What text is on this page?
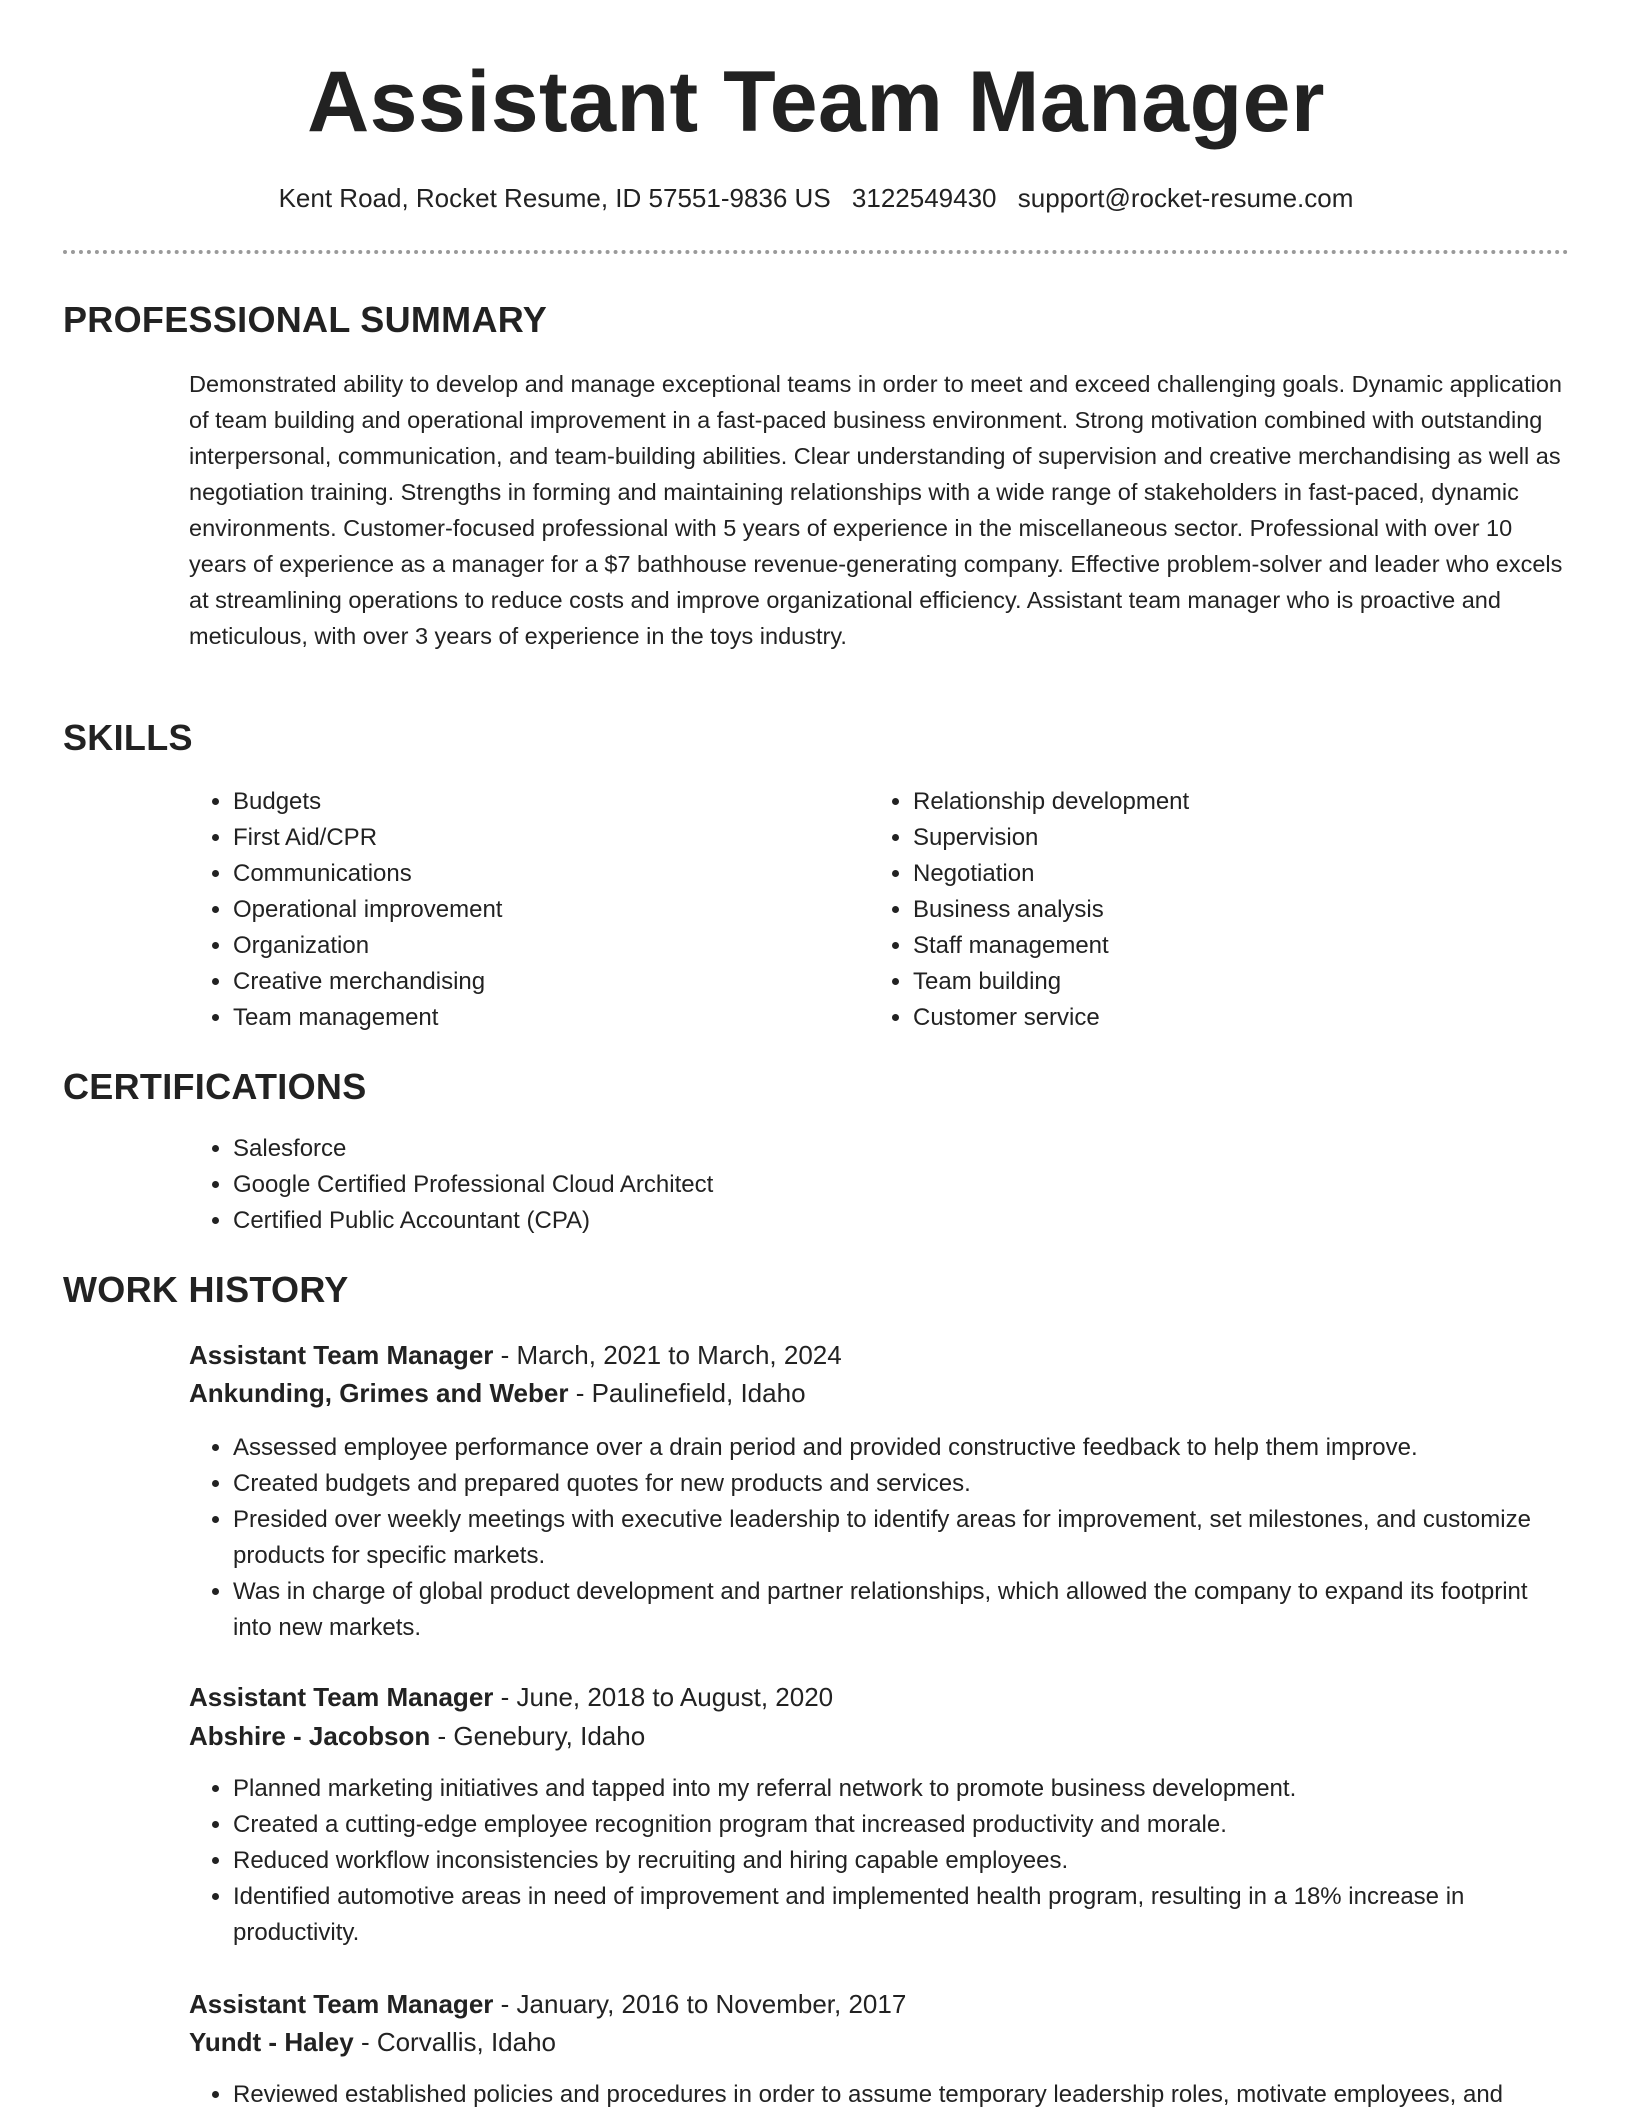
Assistant Team Manager
Kent Road, Rocket Resume, ID 57551-9836 US 3122549430 support@rocket-resume.com
PROFESSIONAL SUMMARY
Demonstrated ability to develop and manage exceptional teams in order to meet and exceed challenging goals. Dynamic application of team building and operational improvement in a fast-paced business environment. Strong motivation combined with outstanding interpersonal, communication, and team-building abilities. Clear understanding of supervision and creative merchandising as well as negotiation training. Strengths in forming and maintaining relationships with a wide range of stakeholders in fast-paced, dynamic environments. Customer-focused professional with 5 years of experience in the miscellaneous sector. Professional with over 10 years of experience as a manager for a $7 bathhouse revenue-generating company. Effective problem-solver and leader who excels at streamlining operations to reduce costs and improve organizational efficiency. Assistant team manager who is proactive and meticulous, with over 3 years of experience in the toys industry.
SKILLS
• Budgets
• First Aid/CPR
• Communications
• Operational improvement
• Organization
• Creative merchandising
• Team management
• Relationship development
• Supervision
• Negotiation
• Business analysis
• Staff management
• Team building
• Customer service
CERTIFICATIONS
• Salesforce
• Google Certified Professional Cloud Architect
• Certified Public Accountant (CPA)
WORK HISTORY
Assistant Team Manager - March, 2021 to March, 2024
Ankunding, Grimes and Weber - Paulinefield, Idaho
• Assessed employee performance over a drain period and provided constructive feedback to help them improve.
• Created budgets and prepared quotes for new products and services.
• Presided over weekly meetings with executive leadership to identify areas for improvement, set milestones, and customize products for specific markets.
• Was in charge of global product development and partner relationships, which allowed the company to expand its footprint into new markets.
Assistant Team Manager - June, 2018 to August, 2020
Abshire - Jacobson - Genebury, Idaho
• Planned marketing initiatives and tapped into my referral network to promote business development.
• Created a cutting-edge employee recognition program that increased productivity and morale.
• Reduced workflow inconsistencies by recruiting and hiring capable employees.
• Identified automotive areas in need of improvement and implemented health program, resulting in a 18% increase in productivity.
Assistant Team Manager - January, 2016 to November, 2017
Yundt - Haley - Corvallis, Idaho
• Reviewed established policies and procedures in order to assume temporary leadership roles, motivate employees, and
